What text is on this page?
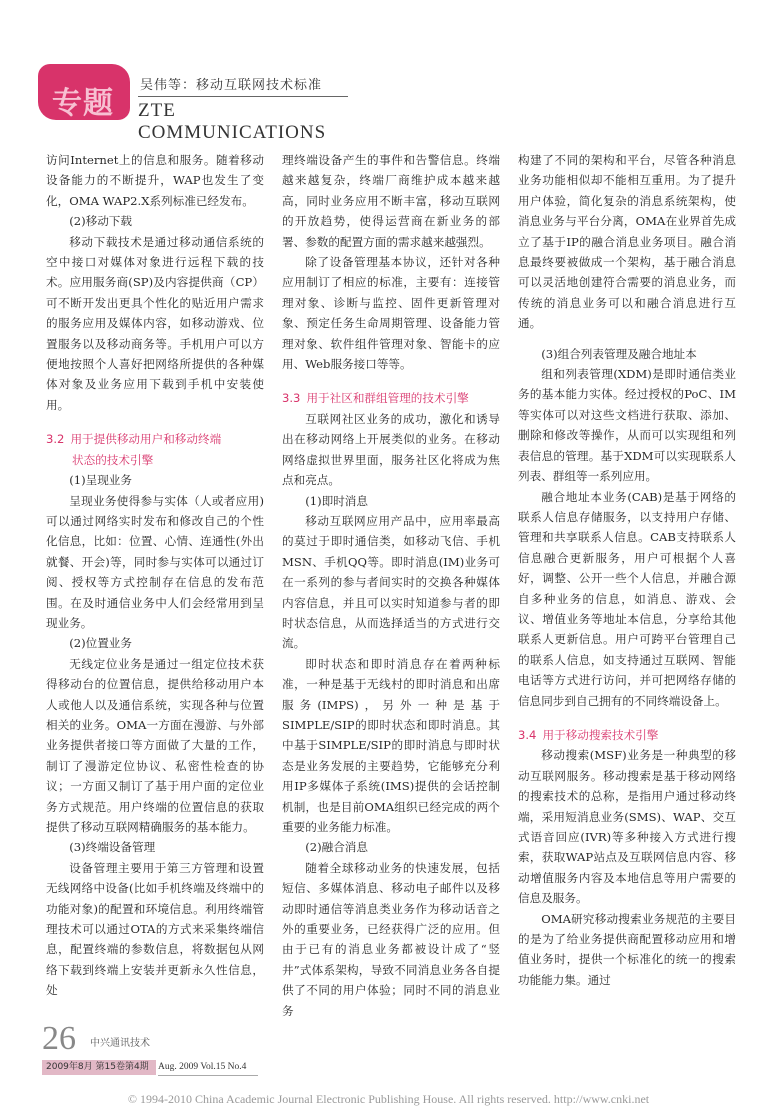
专题
吴伟等：移动互联网技术标准
ZTE COMMUNICATIONS

访问Internet上的信息和服务。随着移动设备能力的不断提升，WAP也发生了变化，OMA WAP2.X系列标准已经发布。

(2)移动下载

移动下载技术是通过移动通信系统的空中接口对媒体对象进行远程下载的技术。应用服务商(SP)及内容提供商（CP）可不断开发出更具个性化的贴近用户需求的服务应用及媒体内容，如移动游戏、位置服务以及移动商务等。手机用户可以方便地按照个人喜好把网络所提供的各种媒体对象及业务应用下载到手机中安装使用。

3.2 用于提供移动用户和移动终端
状态的技术引擎

(1)呈现业务

呈现业务使得参与实体（人或者应用)可以通过网络实时发布和修改自己的个性化信息，比如：位置、心情、连通性(外出就餐、开会)等，同时参与实体可以通过订阅、授权等方式控制存在信息的发布范围。在及时通信业务中人们会经常用到呈现业务。

(2)位置业务

无线定位业务是通过一组定位技术获得移动台的位置信息，提供给移动用户本人或他人以及通信系统，实现各种与位置相关的业务。OMA一方面在漫游、与外部业务提供者接口等方面做了大量的工作，制订了漫游定位协议、私密性检查的协议；一方面又制订了基于用户面的定位业务方式规范。用户终端的位置信息的获取提供了移动互联网精确服务的基本能力。

(3)终端设备管理

设备管理主要用于第三方管理和设置无线网络中设备(比如手机终端及终端中的功能对象)的配置和环境信息。利用终端管理技术可以通过OTA的方式来采集终端信息，配置终端的参数信息，将数据包从网络下载到终端上安装并更新永久性信息，处

理终端设备产生的事件和告警信息。终端越来越复杂，终端厂商维护成本越来越高，同时业务应用不断丰富，移动互联网的开放趋势，使得运营商在新业务的部署、参数的配置方面的需求越来越强烈。

除了设备管理基本协议，还针对各种应用制订了相应的标准，主要有：连接管理对象、诊断与监控、固件更新管理对象、预定任务生命周期管理、设备能力管理对象、软件组件管理对象、智能卡的应用、Web服务接口等等。

3.3 用于社区和群组管理的技术引擎

互联网社区业务的成功，激化和诱导出在移动网络上开展类似的业务。在移动网络虚拟世界里面，服务社区化将成为焦点和亮点。

(1)即时消息

移动互联网应用产品中，应用率最高的莫过于即时通信类，如移动飞信、手机MSN、手机QQ等。即时消息(IM)业务可在一系列的参与者间实时的交换各种媒体内容信息，并且可以实时知道参与者的即时状态信息，从而选择适当的方式进行交流。

即时状态和即时消息存在着两种标准，一种是基于无线村的即时消息和出席服务(IMPS)，另外一种是基于SIMPLE/SIP的即时状态和即时消息。其中基于SIMPLE/SIP的即时消息与即时状态是业务发展的主要趋势，它能够充分利用IP多媒体子系统(IMS)提供的会话控制机制，也是目前OMA组织已经完成的两个重要的业务能力标准。

(2)融合消息

随着全球移动业务的快速发展，包括短信、多媒体消息、移动电子邮件以及移动即时通信等消息类业务作为移动话音之外的重要业务，已经获得广泛的应用。但由于已有的消息业务都被设计成了“竖井”式体系架构，导致不同消息业务各自提供了不同的用户体验；同时不同的消息业务

构建了不同的架构和平台，尽管各种消息业务功能相似却不能相互重用。为了提升用户体验，简化复杂的消息系统架构，使消息业务与平台分离，OMA在业界首先成立了基于IP的融合消息业务项目。融合消息最终要被做成一个架构，基于融合消息可以灵活地创建符合需要的消息业务，而传统的消息业务可以和融合消息进行互通。

(3)组合列表管理及融合地址本

组和列表管理(XDM)是即时通信类业务的基本能力实体。经过授权的PoC、IM等实体可以对这些文档进行获取、添加、删除和修改等操作，从而可以实现组和列表信息的管理。基于XDM可以实现联系人列表、群组等一系列应用。

融合地址本业务(CAB)是基于网络的联系人信息存储服务，以支持用户存储、管理和共享联系人信息。CAB支持联系人信息融合更新服务，用户可根据个人喜好，调整、公开一些个人信息，并融合源自多种业务的信息，如消息、游戏、会议、增值业务等地址本信息，分享给其他联系人更新信息。用户可跨平台管理自己的联系人信息，如支持通过互联网、智能电话等方式进行访问，并可把网络存储的信息同步到自己拥有的不同终端设备上。

3.4 用于移动搜索技术引擎

移动搜索(MSF)业务是一种典型的移动互联网服务。移动搜索是基于移动网络的搜索技术的总称，是指用户通过移动终端，采用短消息业务(SMS)、WAP、交互式语音回应(IVR)等多种接入方式进行搜索，获取WAP站点及互联网信息内容、移动增值服务内容及本地信息等用户需要的信息及服务。

OMA研究移动搜索业务规范的主要目的是为了给业务提供商配置移动应用和增值业务时，提供一个标准化的统一的搜索功能能力集。通过

26 中兴通讯技术
2009年8月 第15卷第4期 Aug. 2009 Vol.15 No.4
© 1994-2010 China Academic Journal Electronic Publishing House. All rights reserved. http://www.cnki.net
